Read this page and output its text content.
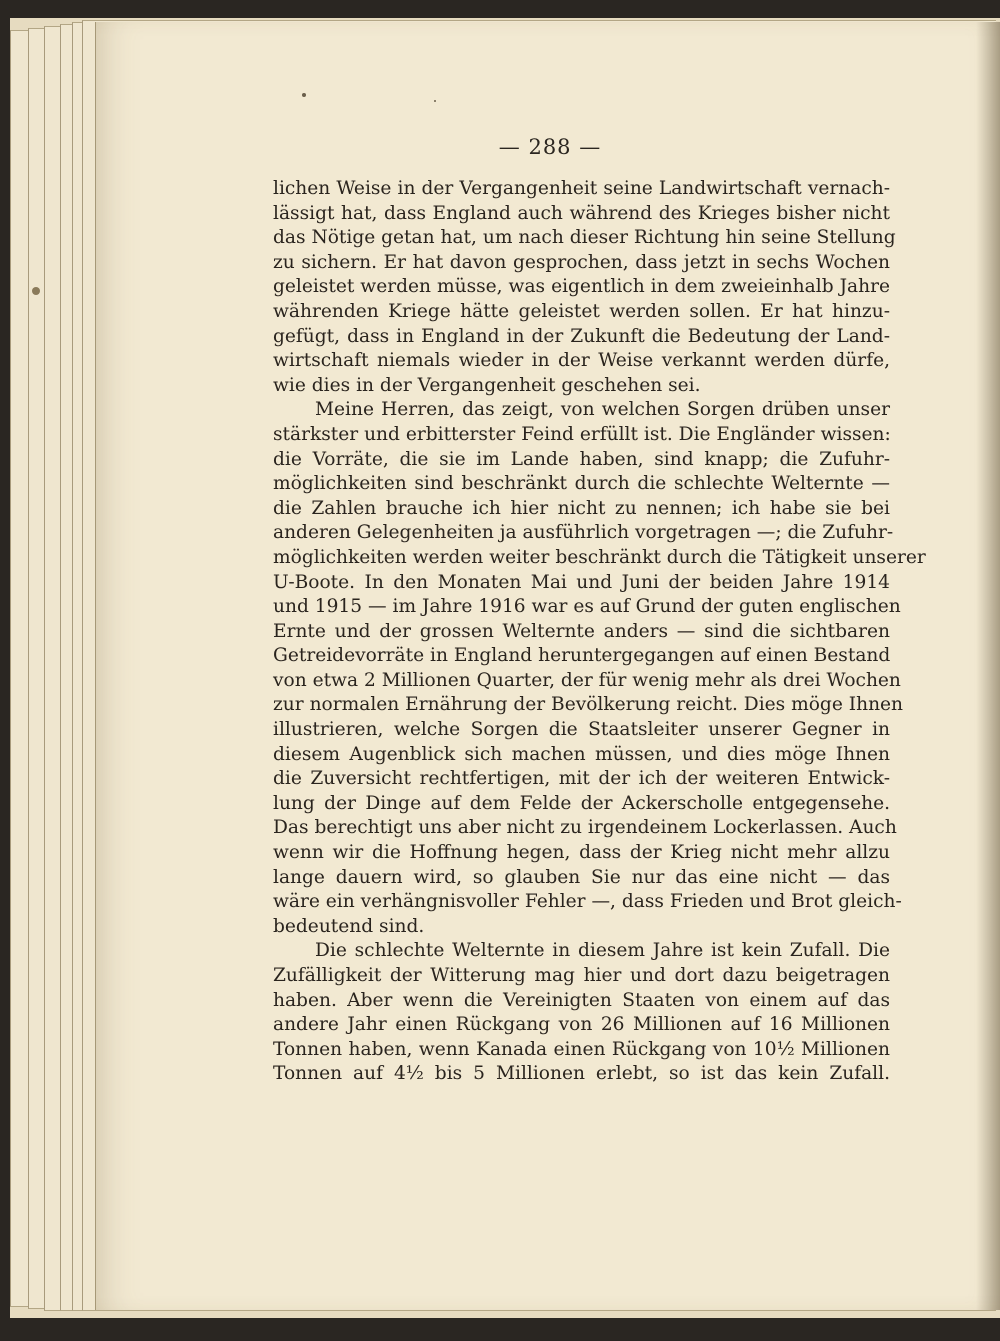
— 288 —
lichen Weise in der Vergangenheit seine Landwirtschaft vernach-
lässigt hat, dass England auch während des Krieges bisher nicht
das Nötige getan hat, um nach dieser Richtung hin seine Stellung
zu sichern. Er hat davon gesprochen, dass jetzt in sechs Wochen
geleistet werden müsse, was eigentlich in dem zweieinhalb Jahre
währenden Kriege hätte geleistet werden sollen. Er hat hinzu-
gefügt, dass in England in der Zukunft die Bedeutung der Land-
wirtschaft niemals wieder in der Weise verkannt werden dürfe,
wie dies in der Vergangenheit geschehen sei.
Meine Herren, das zeigt, von welchen Sorgen drüben unser
stärkster und erbitterster Feind erfüllt ist. Die Engländer wissen:
die Vorräte, die sie im Lande haben, sind knapp; die Zufuhr-
möglichkeiten sind beschränkt durch die schlechte Welternte —
die Zahlen brauche ich hier nicht zu nennen; ich habe sie bei
anderen Gelegenheiten ja ausführlich vorgetragen —; die Zufuhr-
möglichkeiten werden weiter beschränkt durch die Tätigkeit unserer
U-Boote. In den Monaten Mai und Juni der beiden Jahre 1914
und 1915 — im Jahre 1916 war es auf Grund der guten englischen
Ernte und der grossen Welternte anders — sind die sichtbaren
Getreidevorräte in England heruntergegangen auf einen Bestand
von etwa 2 Millionen Quarter, der für wenig mehr als drei Wochen
zur normalen Ernährung der Bevölkerung reicht. Dies möge Ihnen
illustrieren, welche Sorgen die Staatsleiter unserer Gegner in
diesem Augenblick sich machen müssen, und dies möge Ihnen
die Zuversicht rechtfertigen, mit der ich der weiteren Entwick-
lung der Dinge auf dem Felde der Ackerscholle entgegensehe.
Das berechtigt uns aber nicht zu irgendeinem Lockerlassen. Auch
wenn wir die Hoffnung hegen, dass der Krieg nicht mehr allzu
lange dauern wird, so glauben Sie nur das eine nicht — das
wäre ein verhängnisvoller Fehler —, dass Frieden und Brot gleich-
bedeutend sind.
Die schlechte Welternte in diesem Jahre ist kein Zufall. Die
Zufälligkeit der Witterung mag hier und dort dazu beigetragen
haben. Aber wenn die Vereinigten Staaten von einem auf das
andere Jahr einen Rückgang von 26 Millionen auf 16 Millionen
Tonnen haben, wenn Kanada einen Rückgang von 10½ Millionen
Tonnen auf 4½ bis 5 Millionen erlebt, so ist das kein Zufall.
